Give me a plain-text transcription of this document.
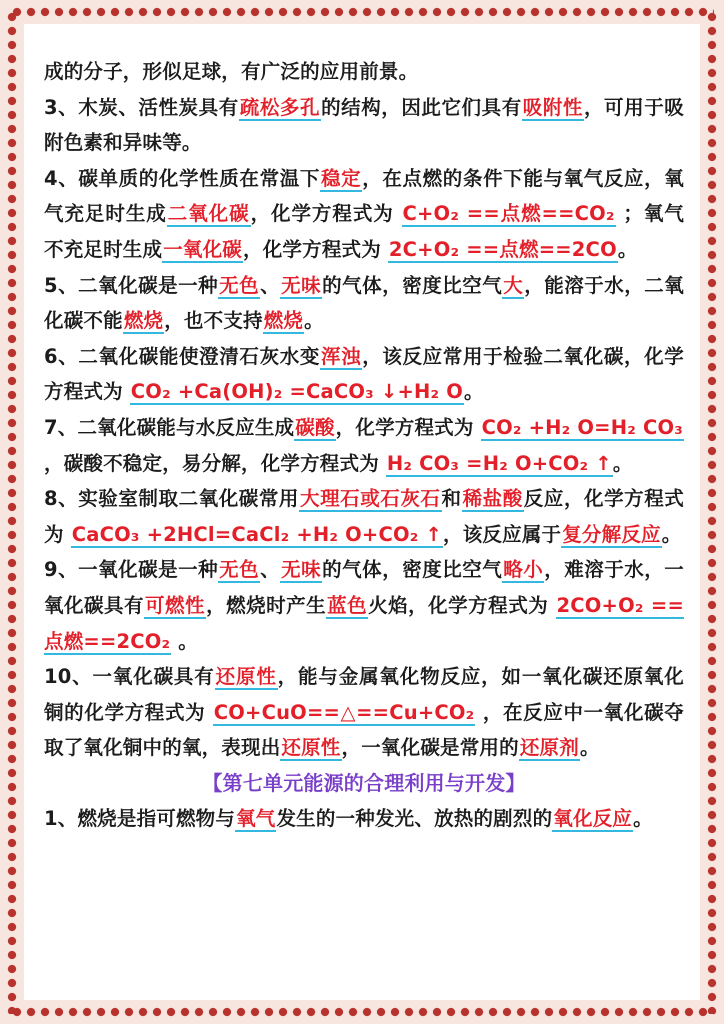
成的分子，形似足球，有广泛的应用前景。

3、木炭、活性炭具有疏松多孔的结构，因此它们具有吸附性，可用于吸附色素和异味等。

4、碳单质的化学性质在常温下稳定，在点燃的条件下能与氧气反应，氧气充足时生成二氧化碳，化学方程式为 C+O₂ ==点燃==CO₂ ；氧气不充足时生成一氧化碳，化学方程式为 2C+O₂ ==点燃==2CO。

5、二氧化碳是一种无色、无味的气体，密度比空气大，能溶于水，二氧化碳不能燃烧，也不支持燃烧。

6、二氧化碳能使澄清石灰水变浑浊，该反应常用于检验二氧化碳，化学方程式为 CO₂ +Ca(OH)₂ =CaCO₃ ↓+H₂ O。

7、二氧化碳能与水反应生成碳酸，化学方程式为 CO₂ +H₂ O=H₂ CO₃ ，碳酸不稳定，易分解，化学方程式为 H₂ CO₃ =H₂ O+CO₂ ↑。

8、实验室制取二氧化碳常用大理石或石灰石和稀盐酸反应，化学方程式为 CaCO₃ +2HCl=CaCl₂ +H₂ O+CO₂ ↑，该反应属于复分解反应。

9、一氧化碳是一种无色、无味的气体，密度比空气略小，难溶于水，一氧化碳具有可燃性，燃烧时产生蓝色火焰，化学方程式为 2CO+O₂ ==点燃==2CO₂ 。

10、一氧化碳具有还原性，能与金属氧化物反应，如一氧化碳还原氧化铜的化学方程式为 CO+CuO==△==Cu+CO₂ ，在反应中一氧化碳夺取了氧化铜中的氧，表现出还原性，一氧化碳是常用的还原剂。

【第七单元能源的合理利用与开发】

1、燃烧是指可燃物与氧气发生的一种发光、放热的剧烈的氧化反应。
